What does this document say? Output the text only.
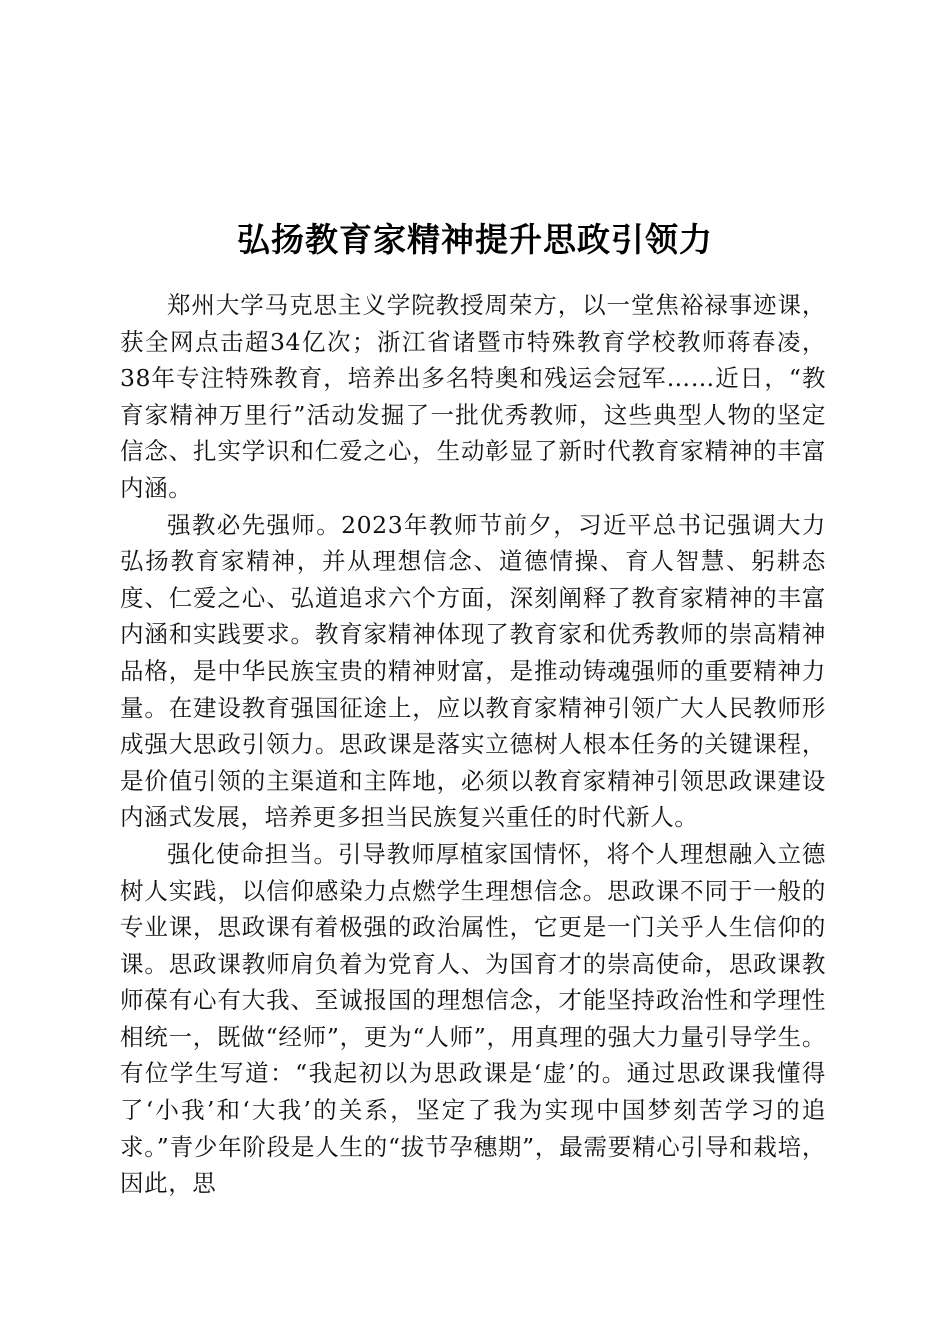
弘扬教育家精神提升思政引领力

郑州大学马克思主义学院教授周荣方，以一堂焦裕禄事迹课，获全网点击超34亿次；浙江省诸暨市特殊教育学校教师蒋春凌，38年专注特殊教育，培养出多名特奥和残运会冠军……近日，“教育家精神万里行”活动发掘了一批优秀教师，这些典型人物的坚定信念、扎实学识和仁爱之心，生动彰显了新时代教育家精神的丰富内涵。

强教必先强师。2023年教师节前夕，习近平总书记强调大力弘扬教育家精神，并从理想信念、道德情操、育人智慧、躬耕态度、仁爱之心、弘道追求六个方面，深刻阐释了教育家精神的丰富内涵和实践要求。教育家精神体现了教育家和优秀教师的崇高精神品格，是中华民族宝贵的精神财富，是推动铸魂强师的重要精神力量。在建设教育强国征途上，应以教育家精神引领广大人民教师形成强大思政引领力。思政课是落实立德树人根本任务的关键课程，是价值引领的主渠道和主阵地，必须以教育家精神引领思政课建设内涵式发展，培养更多担当民族复兴重任的时代新人。

强化使命担当。引导教师厚植家国情怀，将个人理想融入立德树人实践，以信仰感染力点燃学生理想信念。思政课不同于一般的专业课，思政课有着极强的政治属性，它更是一门关乎人生信仰的课。思政课教师肩负着为党育人、为国育才的崇高使命，思政课教师葆有心有大我、至诚报国的理想信念，才能坚持政治性和学理性相统一，既做“经师”，更为“人师”，用真理的强大力量引导学生。有位学生写道：“我起初以为思政课是‘虚’的。通过思政课我懂得了‘小我’和‘大我’的关系，坚定了我为实现中国梦刻苦学习的追求。”青少年阶段是人生的“拔节孕穗期”，最需要精心引导和栽培，因此，思
